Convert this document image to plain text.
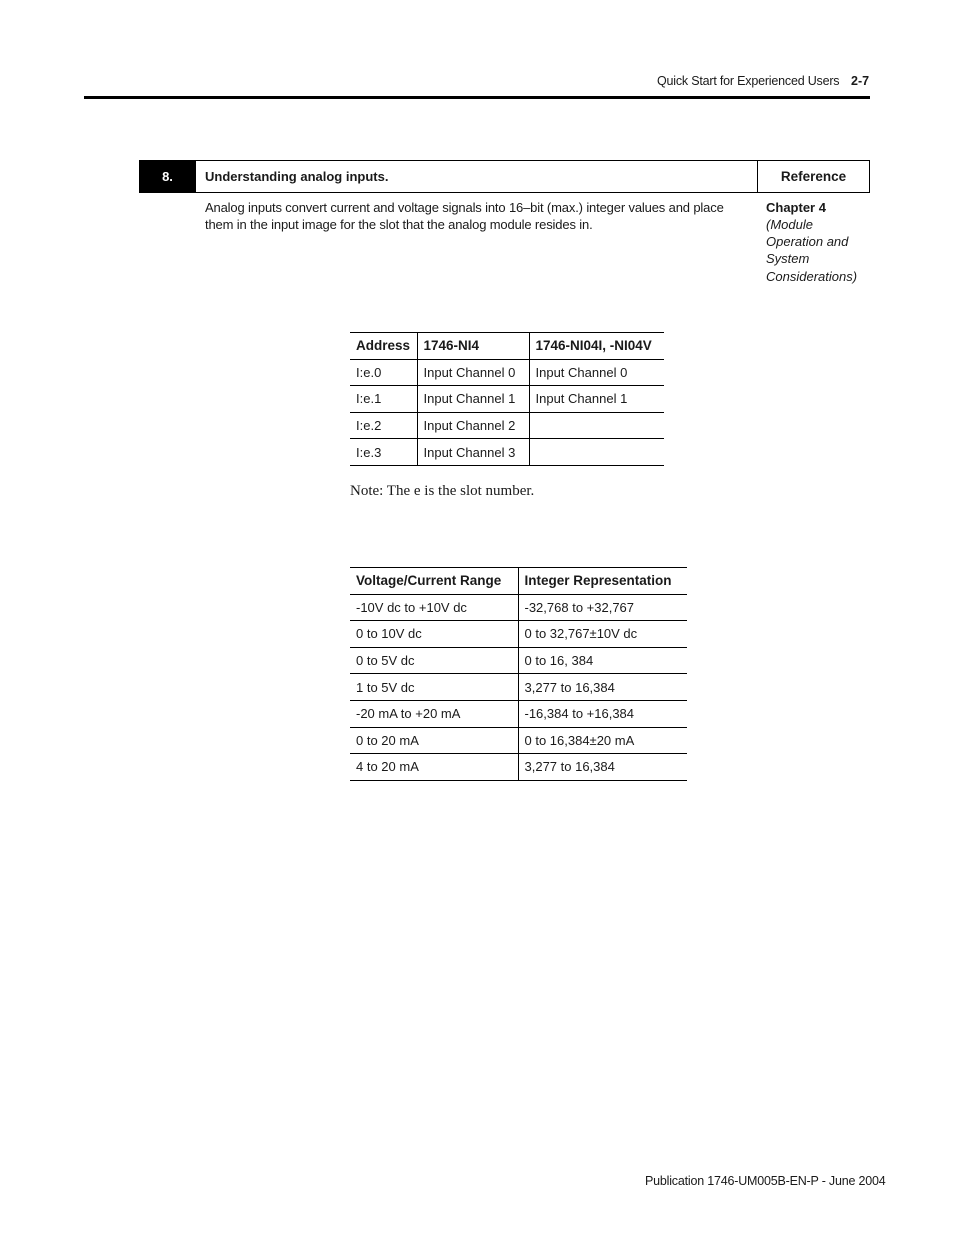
Quick Start for Experienced Users 2-7
8.	Understanding analog inputs.	Reference
Analog inputs convert current and voltage signals into 16–bit (max.) integer values and place them in the input image for the slot that the analog module resides in.
Chapter 4
(Module Operation and System Considerations)
Address	1746-NI4	1746-NI04I, -NI04V
I:e.0	Input Channel 0	Input Channel 0
I:e.1	Input Channel 1	Input Channel 1
I:e.2	Input Channel 2	
I:e.3	Input Channel 3	
Note: The e is the slot number.
Voltage/Current Range	Integer Representation
-10V dc to +10V dc	-32,768 to +32,767
0 to 10V dc	0 to 32,767±10V dc
0 to 5V dc	0 to 16, 384
1 to 5V dc	3,277 to 16,384
-20 mA to +20 mA	-16,384 to +16,384
0 to 20 mA	0 to 16,384±20 mA
4 to 20 mA	3,277 to 16,384
Publication 1746-UM005B-EN-P - June 2004
